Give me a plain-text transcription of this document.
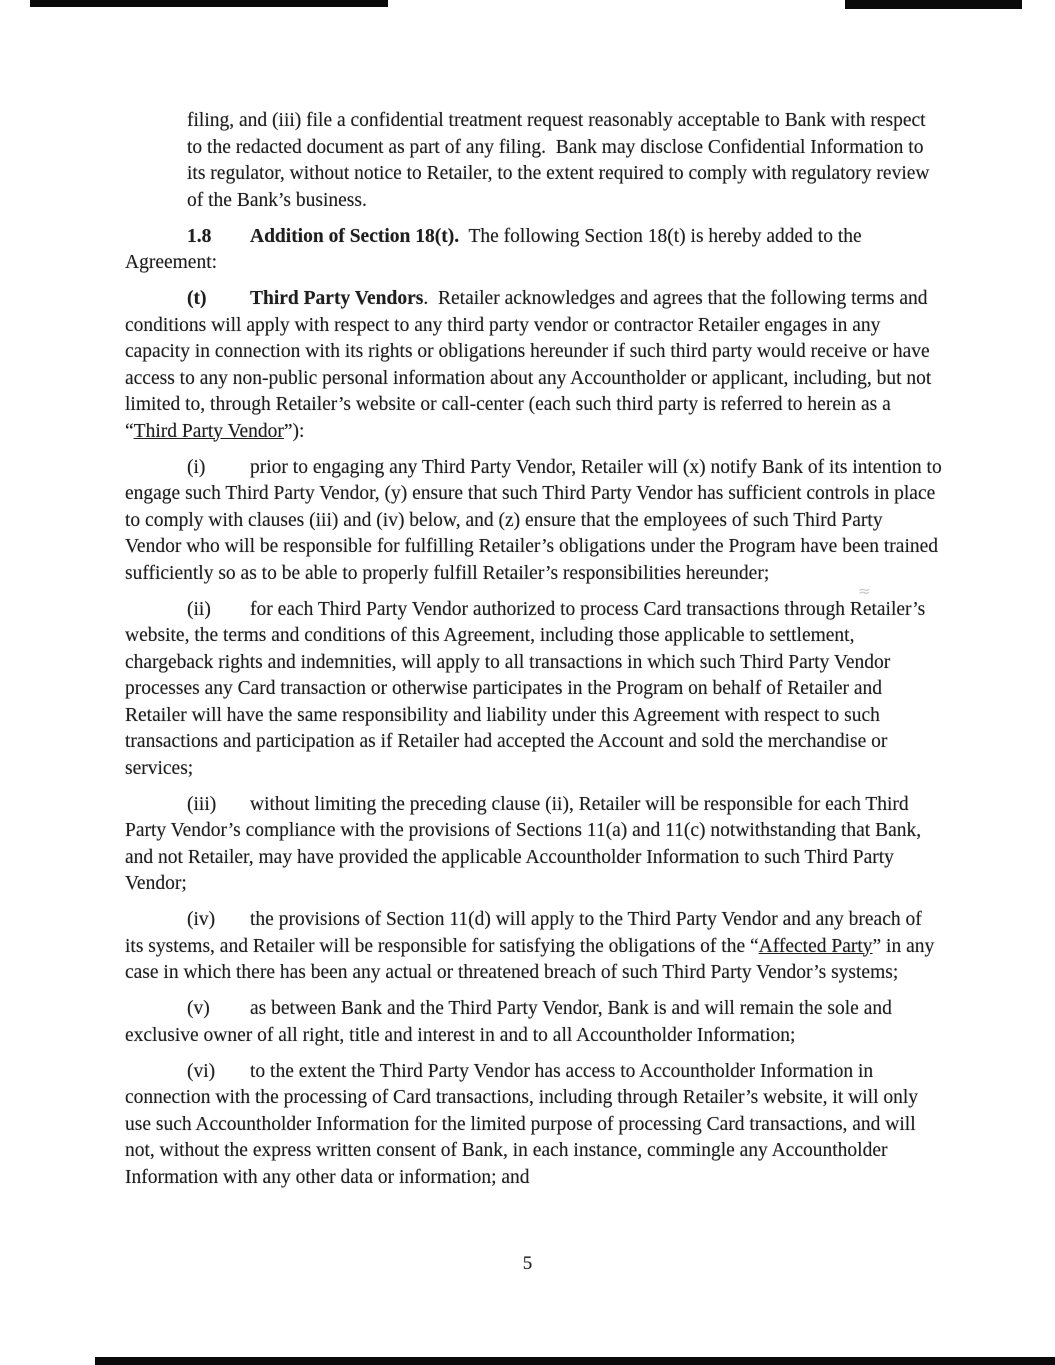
≈

filing, and (iii) file a confidential treatment request reasonably acceptable to Bank with respect to the redacted document as part of any filing.  Bank may disclose Confidential Information to its regulator, without notice to Retailer, to the extent required to comply with regulatory review of the Bank’s business.

1.8 Addition of Section 18(t).  The following Section 18(t) is hereby added to the Agreement:

(t) Third Party Vendors.  Retailer acknowledges and agrees that the following terms and conditions will apply with respect to any third party vendor or contractor Retailer engages in any capacity in connection with its rights or obligations hereunder if such third party would receive or have access to any non-public personal information about any Accountholder or applicant, including, but not limited to, through Retailer’s website or call-center (each such third party is referred to herein as a “Third Party Vendor”):

(i) prior to engaging any Third Party Vendor, Retailer will (x) notify Bank of its intention to engage such Third Party Vendor, (y) ensure that such Third Party Vendor has sufficient controls in place to comply with clauses (iii) and (iv) below, and (z) ensure that the employees of such Third Party Vendor who will be responsible for fulfilling Retailer’s obligations under the Program have been trained sufficiently so as to be able to properly fulfill Retailer’s responsibilities hereunder;

(ii) for each Third Party Vendor authorized to process Card transactions through Retailer’s website, the terms and conditions of this Agreement, including those applicable to settlement, chargeback rights and indemnities, will apply to all transactions in which such Third Party Vendor processes any Card transaction or otherwise participates in the Program on behalf of Retailer and Retailer will have the same responsibility and liability under this Agreement with respect to such transactions and participation as if Retailer had accepted the Account and sold the merchandise or services;

(iii) without limiting the preceding clause (ii), Retailer will be responsible for each Third Party Vendor’s compliance with the provisions of Sections 11(a) and 11(c) notwithstanding that Bank, and not Retailer, may have provided the applicable Accountholder Information to such Third Party Vendor;

(iv) the provisions of Section 11(d) will apply to the Third Party Vendor and any breach of its systems, and Retailer will be responsible for satisfying the obligations of the “Affected Party” in any case in which there has been any actual or threatened breach of such Third Party Vendor’s systems;

(v) as between Bank and the Third Party Vendor, Bank is and will remain the sole and exclusive owner of all right, title and interest in and to all Accountholder Information;

(vi) to the extent the Third Party Vendor has access to Accountholder Information in connection with the processing of Card transactions, including through Retailer’s website, it will only use such Accountholder Information for the limited purpose of processing Card transactions, and will not, without the express written consent of Bank, in each instance, commingle any Accountholder Information with any other data or information; and

5
